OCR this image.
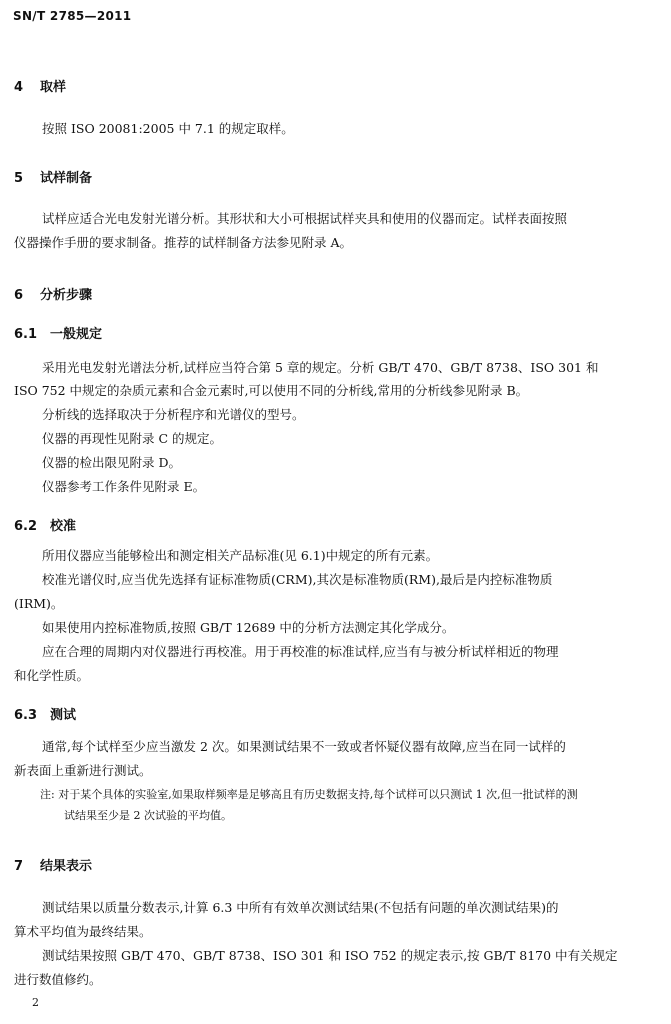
SN/T 2785—2011
4 取样
按照 ISO 20081:2005 中 7.1 的规定取样。
5 试样制备
试样应适合光电发射光谱分析。其形状和大小可根据试样夹具和使用的仪器而定。试样表面按照
仪器操作手册的要求制备。推荐的试样制备方法参见附录 A。
6 分析步骤
6.1 一般规定
采用光电发射光谱法分析,试样应当符合第 5 章的规定。分析 GB/T 470、GB/T 8738、ISO 301 和
ISO 752 中规定的杂质元素和合金元素时,可以使用不同的分析线,常用的分析线参见附录 B。
分析线的选择取决于分析程序和光谱仪的型号。
仪器的再现性见附录 C 的规定。
仪器的检出限见附录 D。
仪器参考工作条件见附录 E。
6.2 校准
所用仪器应当能够检出和测定相关产品标准(见 6.1)中规定的所有元素。
校准光谱仪时,应当优先选择有证标准物质(CRM),其次是标准物质(RM),最后是内控标准物质
(IRM)。
如果使用内控标准物质,按照 GB/T 12689 中的分析方法测定其化学成分。
应在合理的周期内对仪器进行再校准。用于再校准的标准试样,应当有与被分析试样相近的物理
和化学性质。
6.3 测试
通常,每个试样至少应当激发 2 次。如果测试结果不一致或者怀疑仪器有故障,应当在同一试样的
新表面上重新进行测试。
注: 对于某个具体的实验室,如果取样频率是足够高且有历史数据支持,每个试样可以只测试 1 次,但一批试样的测
试结果至少是 2 次试验的平均值。
7 结果表示
测试结果以质量分数表示,计算 6.3 中所有有效单次测试结果(不包括有问题的单次测试结果)的
算术平均值为最终结果。
测试结果按照 GB/T 470、GB/T 8738、ISO 301 和 ISO 752 的规定表示,按 GB/T 8170 中有关规定
进行数值修约。
2
